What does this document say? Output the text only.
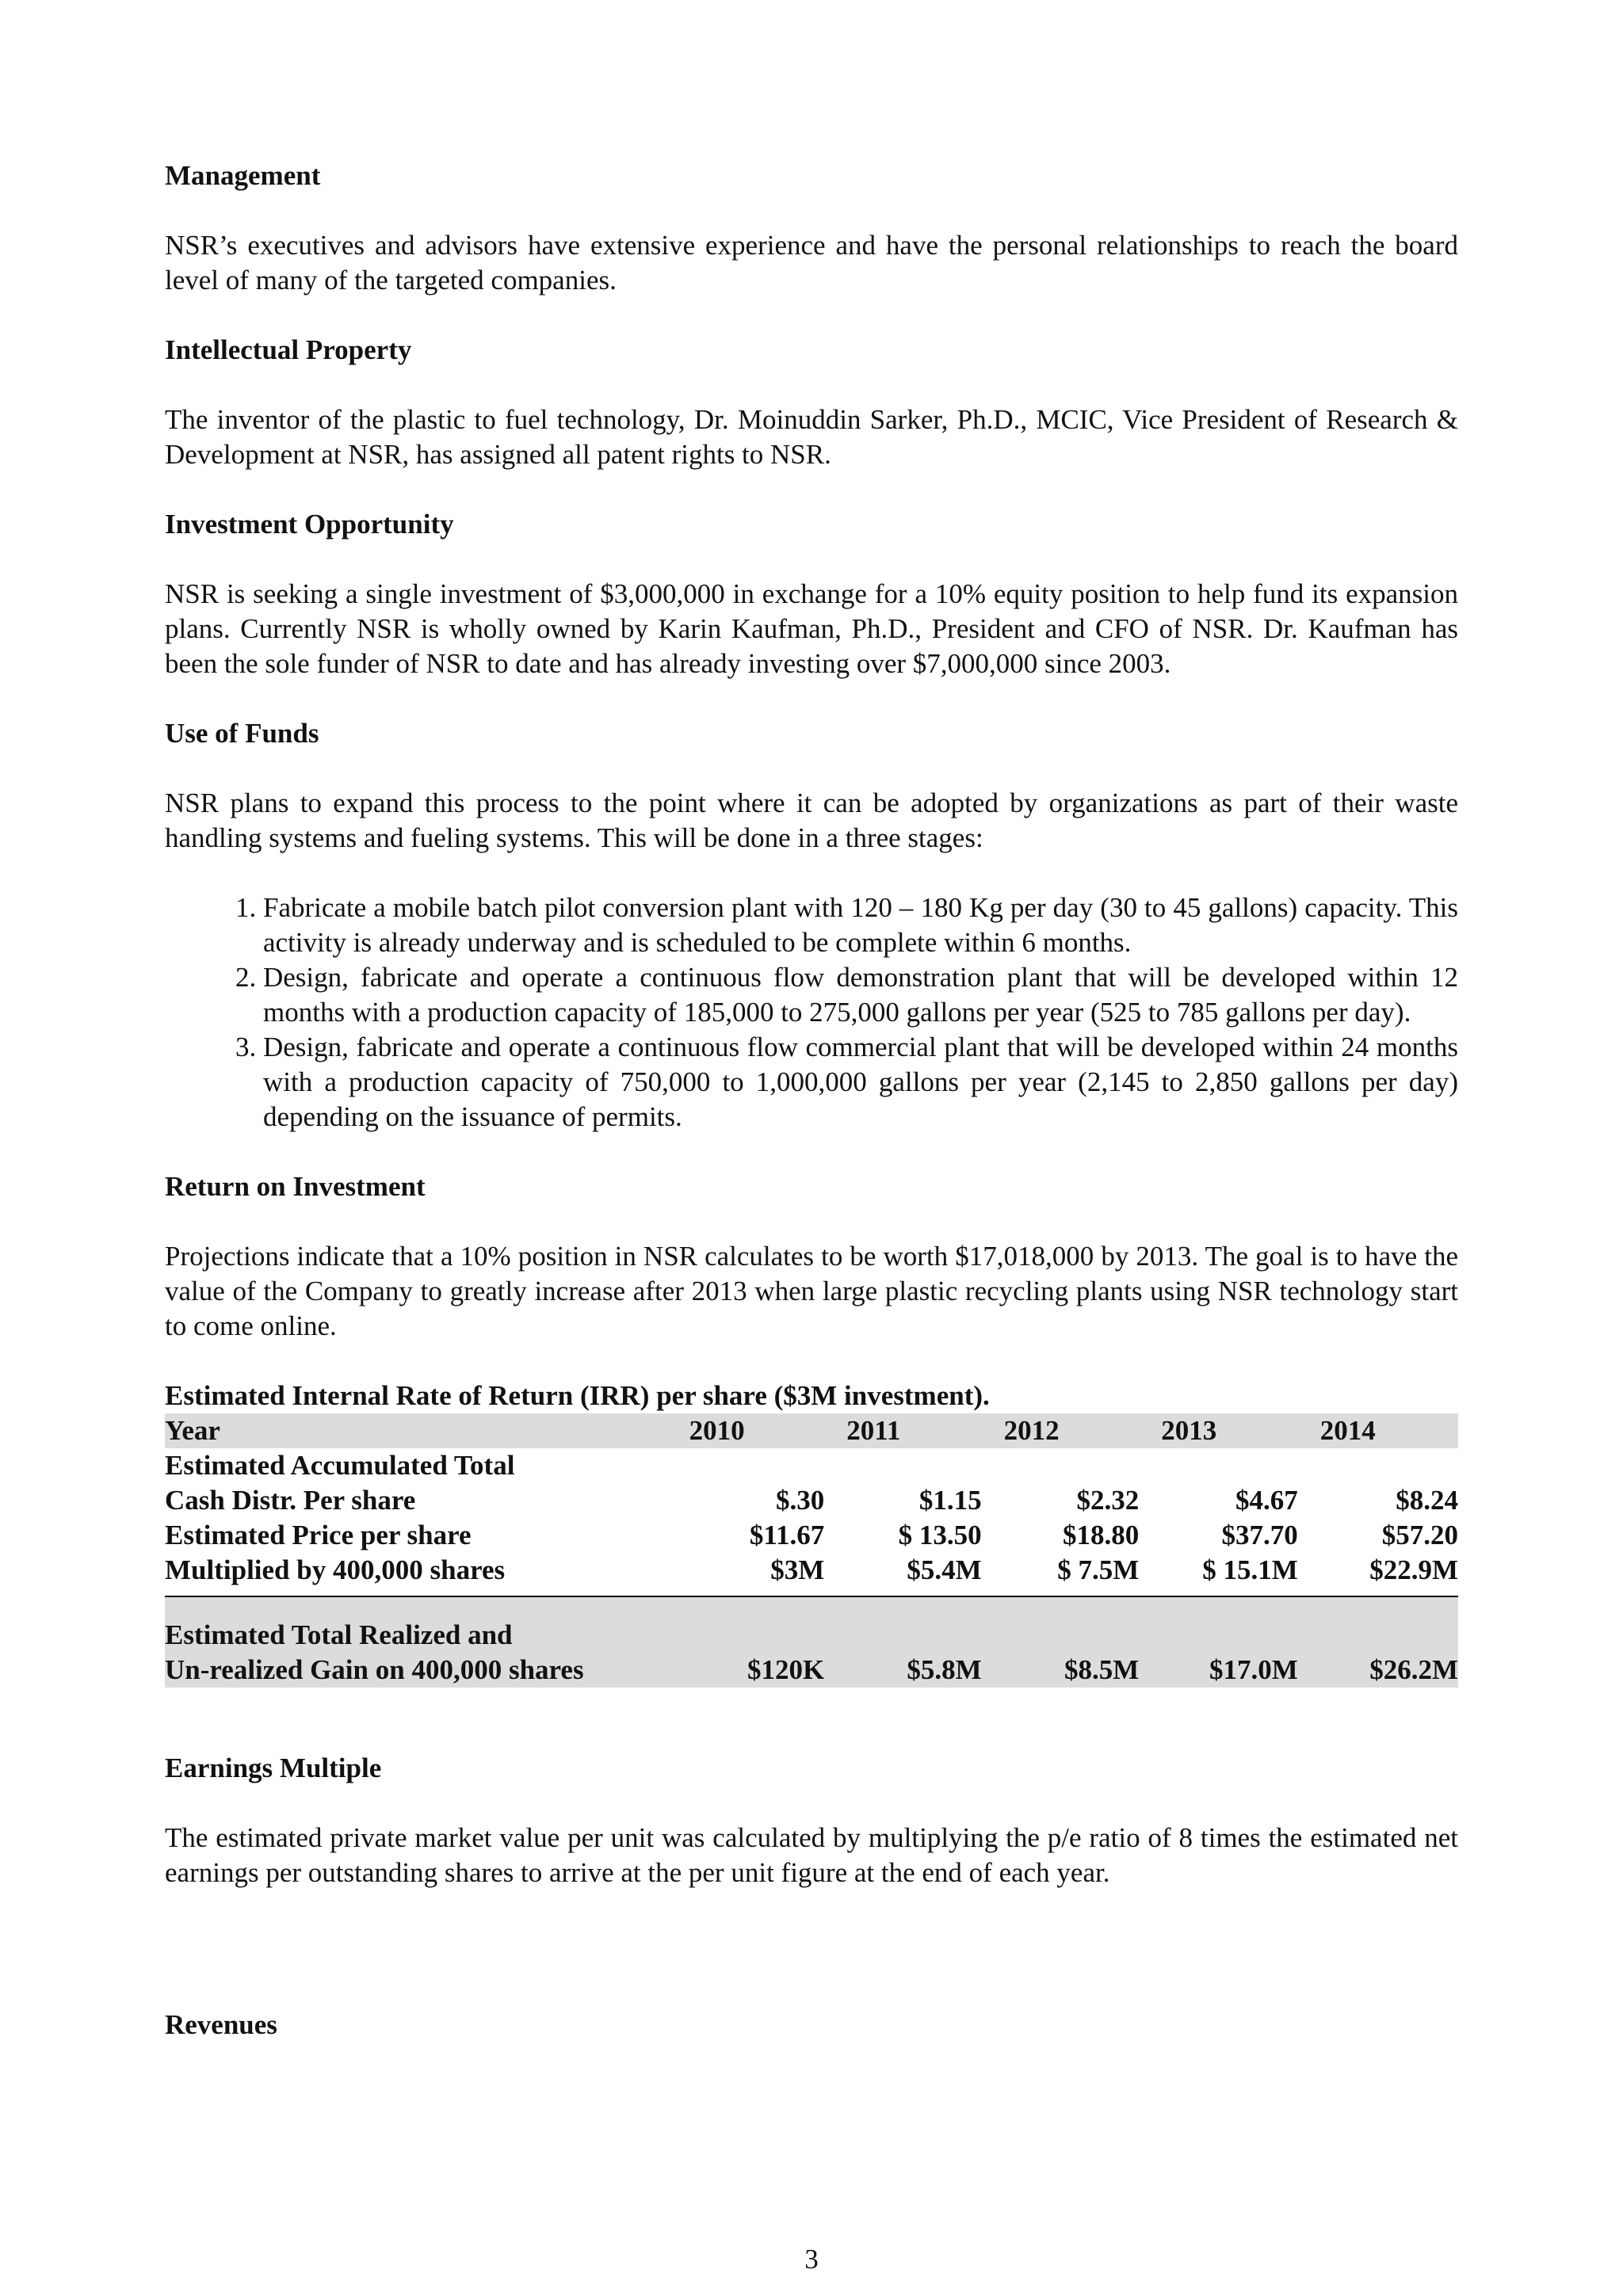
Management
NSR’s executives and advisors have extensive experience and have the personal relationships to reach the board level of many of the targeted companies.
Intellectual Property
The inventor of the plastic to fuel technology, Dr. Moinuddin Sarker, Ph.D., MCIC, Vice President of Research & Development at NSR, has assigned all patent rights to NSR.
Investment Opportunity
NSR is seeking a single investment of $3,000,000 in exchange for a 10% equity position to help fund its expansion plans. Currently NSR is wholly owned by Karin Kaufman, Ph.D., President and CFO of NSR. Dr. Kaufman has been the sole funder of NSR to date and has already investing over $7,000,000 since 2003.
Use of Funds
NSR plans to expand this process to the point where it can be adopted by organizations as part of their waste handling systems and fueling systems. This will be done in a three stages:
1. Fabricate a mobile batch pilot conversion plant with 120 – 180 Kg per day (30 to 45 gallons) capacity. This activity is already underway and is scheduled to be complete within 6 months.
2. Design, fabricate and operate a continuous flow demonstration plant that will be developed within 12 months with a production capacity of 185,000 to 275,000 gallons per year (525 to 785 gallons per day).
3. Design, fabricate and operate a continuous flow commercial plant that will be developed within 24 months with a production capacity of 750,000 to 1,000,000 gallons per year (2,145 to 2,850 gallons per day) depending on the issuance of permits.
Return on Investment
Projections indicate that a 10% position in NSR calculates to be worth $17,018,000 by 2013. The goal is to have the value of the Company to greatly increase after 2013 when large plastic recycling plants using NSR technology start to come online.
Estimated Internal Rate of Return (IRR) per share ($3M investment).
Year	2010	2011	2012	2013	2014
Estimated Accumulated Total					
Cash Distr. Per share	$.30	$1.15	$2.32	$4.67	$8.24
Estimated Price per share	$11.67	$ 13.50	$18.80	$37.70	$57.20
Multiplied by 400,000 shares	$3M	$5.4M	$ 7.5M	$ 15.1M	$22.9M

Estimated Total Realized and					
Un-realized Gain on 400,000 shares	$120K	$5.8M	$8.5M	$17.0M	$26.2M
Earnings Multiple
The estimated private market value per unit was calculated by multiplying the p/e ratio of 8 times the estimated net earnings per outstanding shares to arrive at the per unit figure at the end of each year.
Revenues
3
